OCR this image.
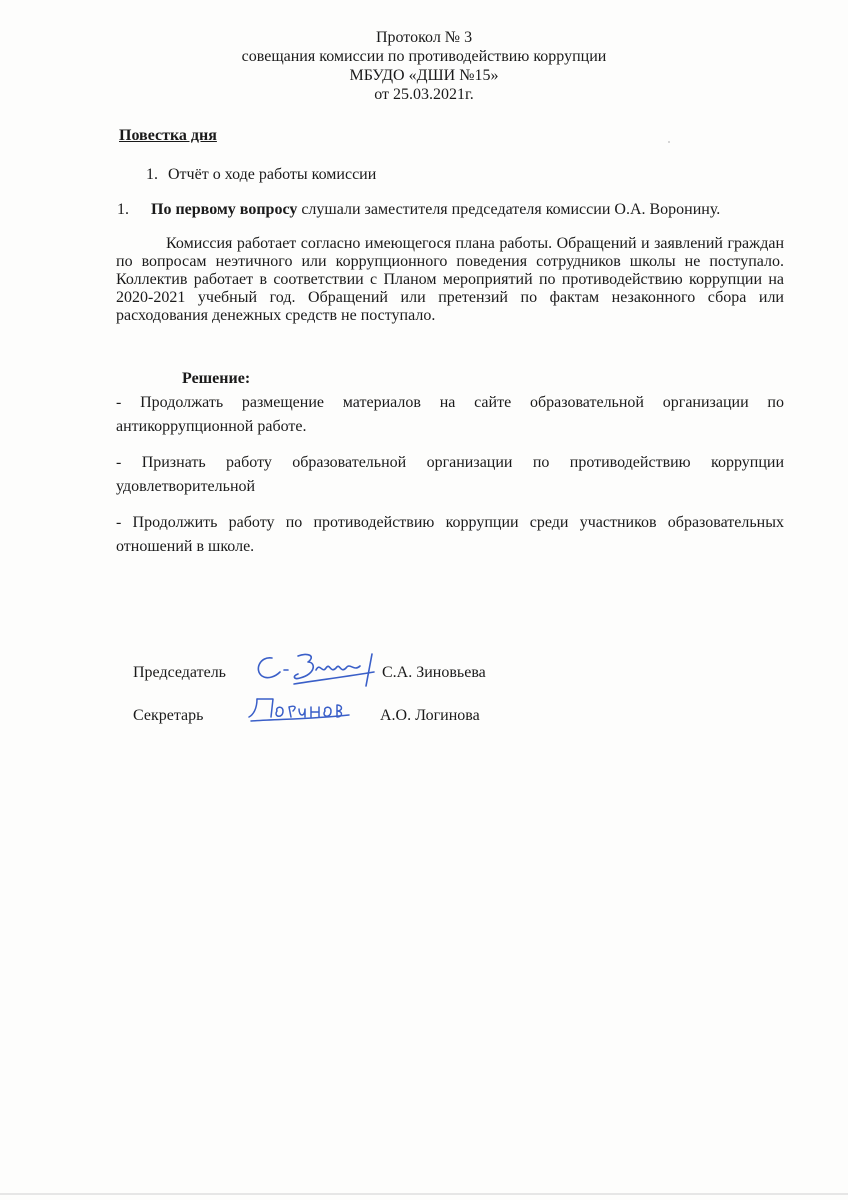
Протокол № 3
совещания комиссии по противодействию коррупции
МБУДО «ДШИ №15»
от 25.03.2021г.
Повестка дня
1. Отчёт о ходе работы комиссии
1. По первому вопросу слушали заместителя председателя комиссии О.А. Воронину.
Комиссия работает согласно имеющегося плана работы. Обращений и заявлений граждан по вопросам неэтичного или коррупционного поведения сотрудников школы не поступало. Коллектив работает в соответствии с Планом мероприятий по противодействию коррупции на 2020-2021 учебный год. Обращений или претензий по фактам незаконного сбора или расходования денежных средств не поступало.
Решение:
- Продолжать размещение материалов на сайте образовательной организации по антикоррупционной работе.
- Признать работу образовательной организации по противодействию коррупции удовлетворительной
- Продолжить работу по противодействию коррупции среди участников образовательных отношений в школе.
Председатель	С.А. Зиновьева
Секретарь	А.О. Логинова
